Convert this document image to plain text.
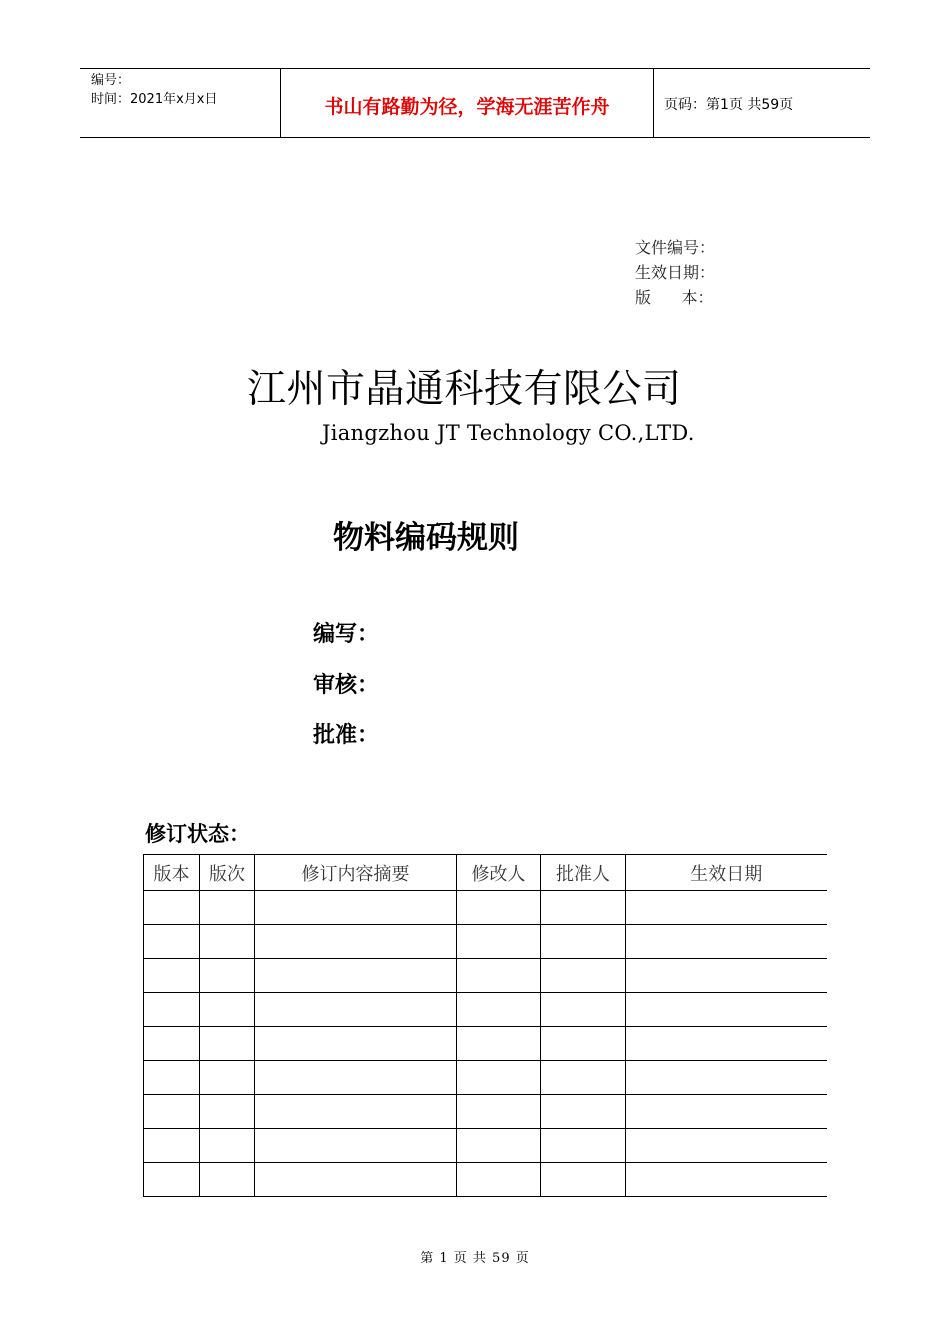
编号：
时间：2021年x月x日	书山有路勤为径，学海无涯苦作舟	页码：第1页 共59页
文件编号：
生效日期：
版      本：
江州市晶通科技有限公司
Jiangzhou JT Technology CO.,LTD.
物料编码规则
编写：
审核：
批准：
修订状态：
版本	版次	修订内容摘要	修改人	批准人	生效日期

第 1 页 共 59 页
